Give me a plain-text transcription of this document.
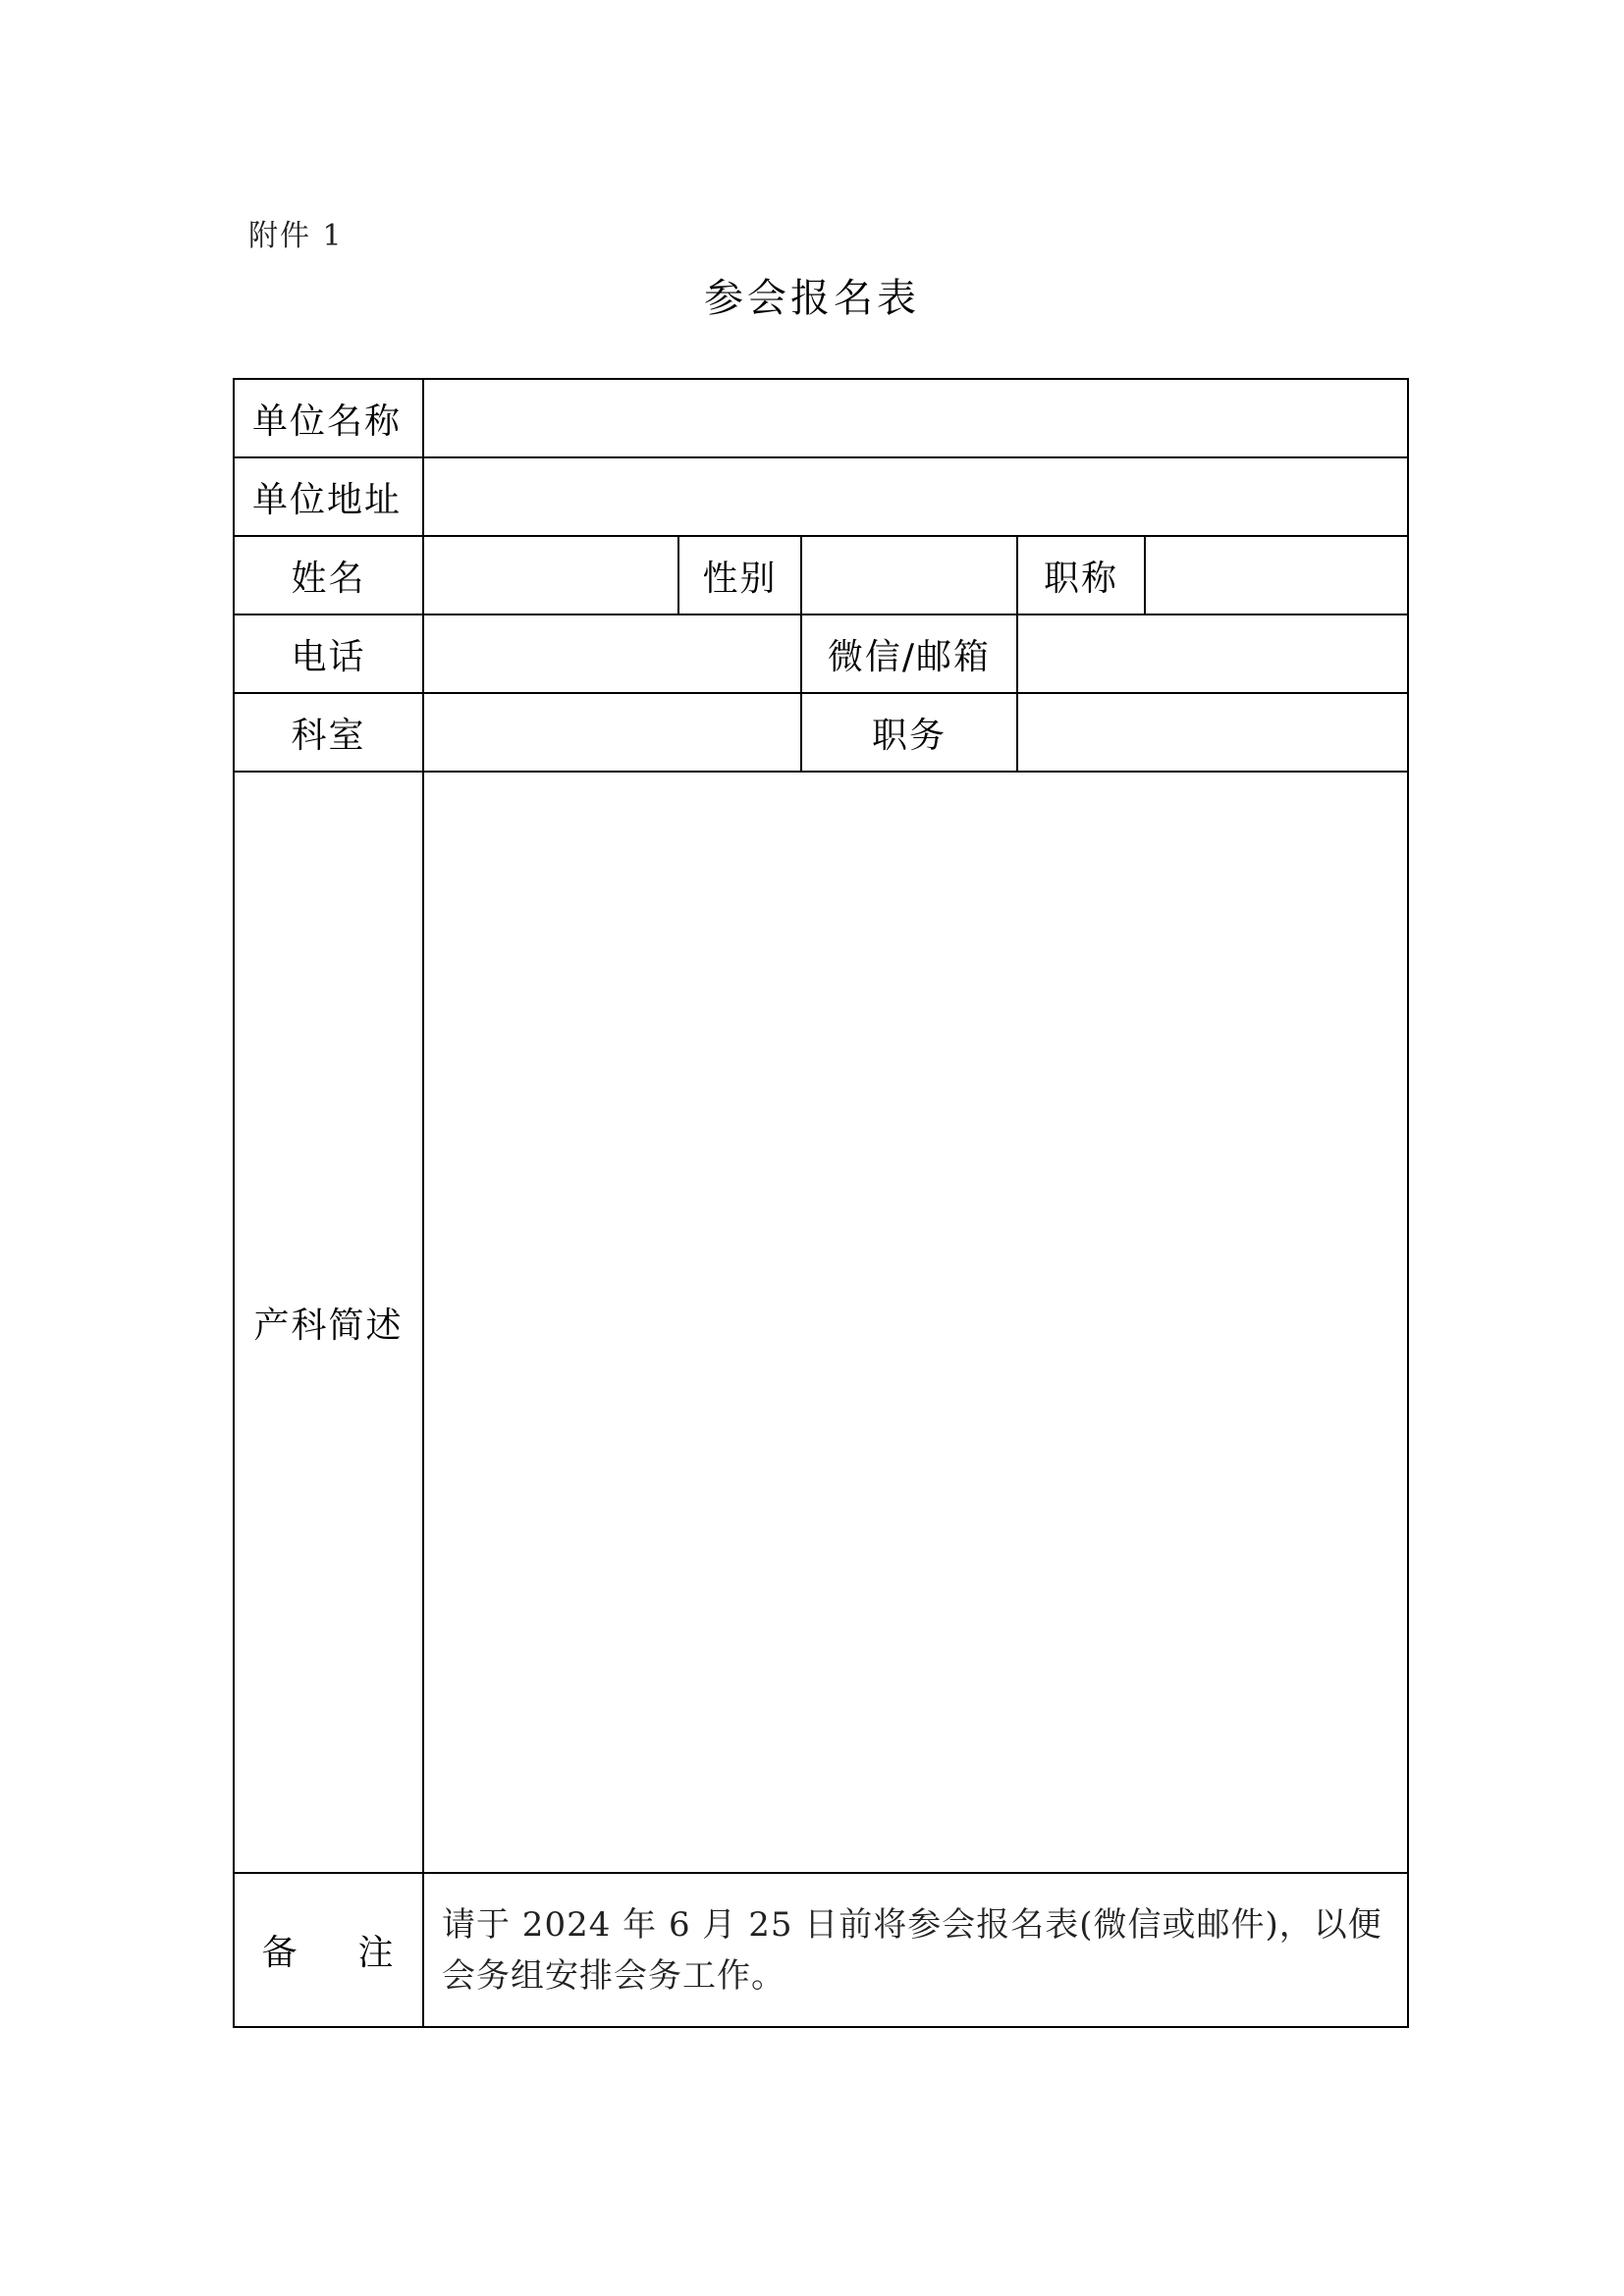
附件 1
参会报名表
单位名称					
单位地址					
姓名		性别		职称	
电话			微信/邮箱		
科室			职务		
产科简述					
备 注	请于 2024 年 6 月 25 日前将参会报名表(微信或邮件)，以便会务组安排会务工作。				
